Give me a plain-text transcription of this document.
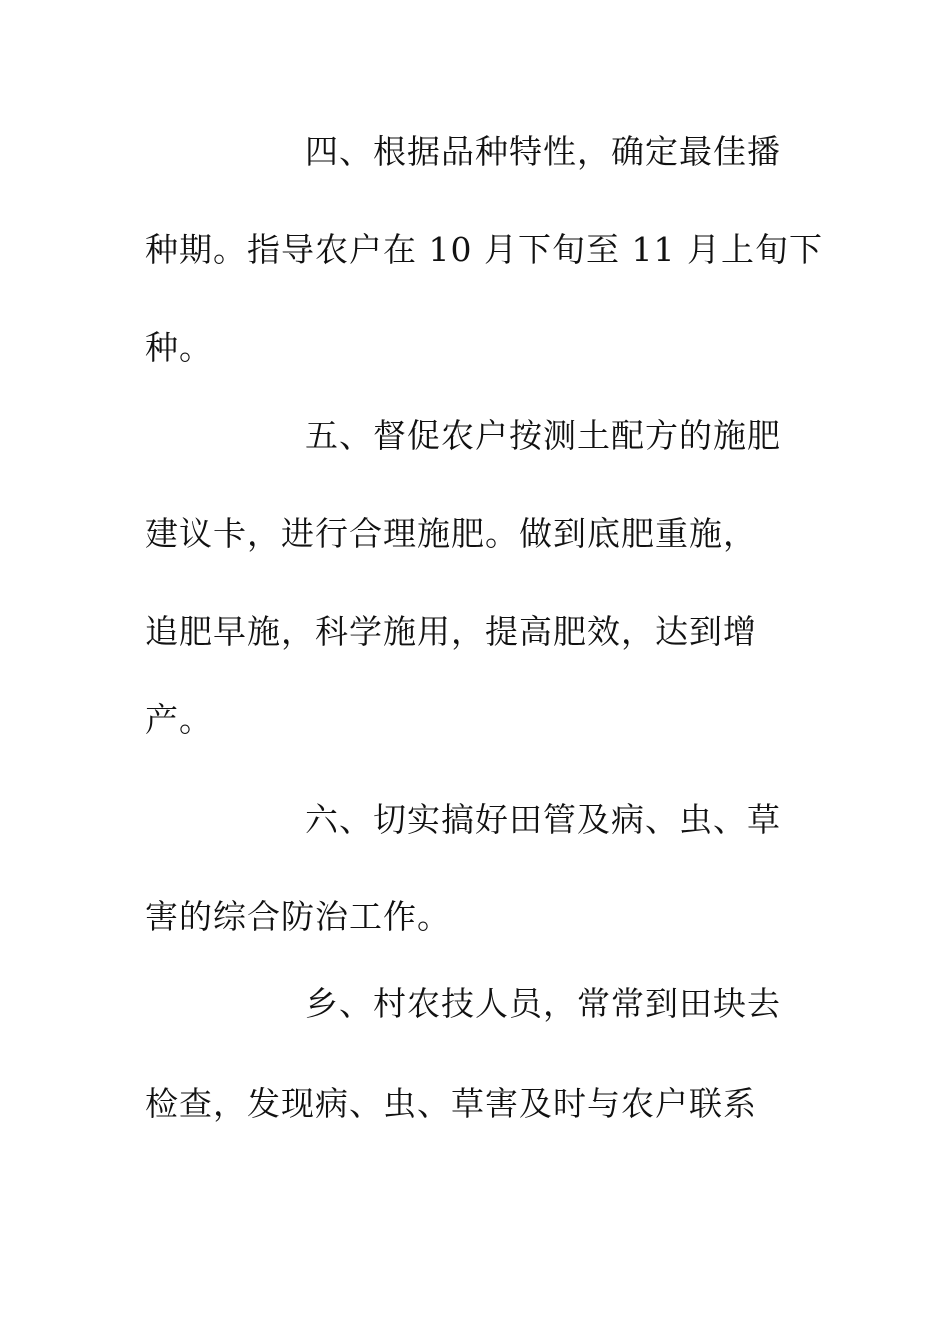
四、根据品种特性，确定最佳播
种期。指导农户在 10 月下旬至 11 月上旬下
种。
五、督促农户按测土配方的施肥
建议卡，进行合理施肥。做到底肥重施，
追肥早施，科学施用，提高肥效，达到增
产。
六、切实搞好田管及病、虫、草
害的综合防治工作。
乡、村农技人员，常常到田块去
检查，发现病、虫、草害及时与农户联系
